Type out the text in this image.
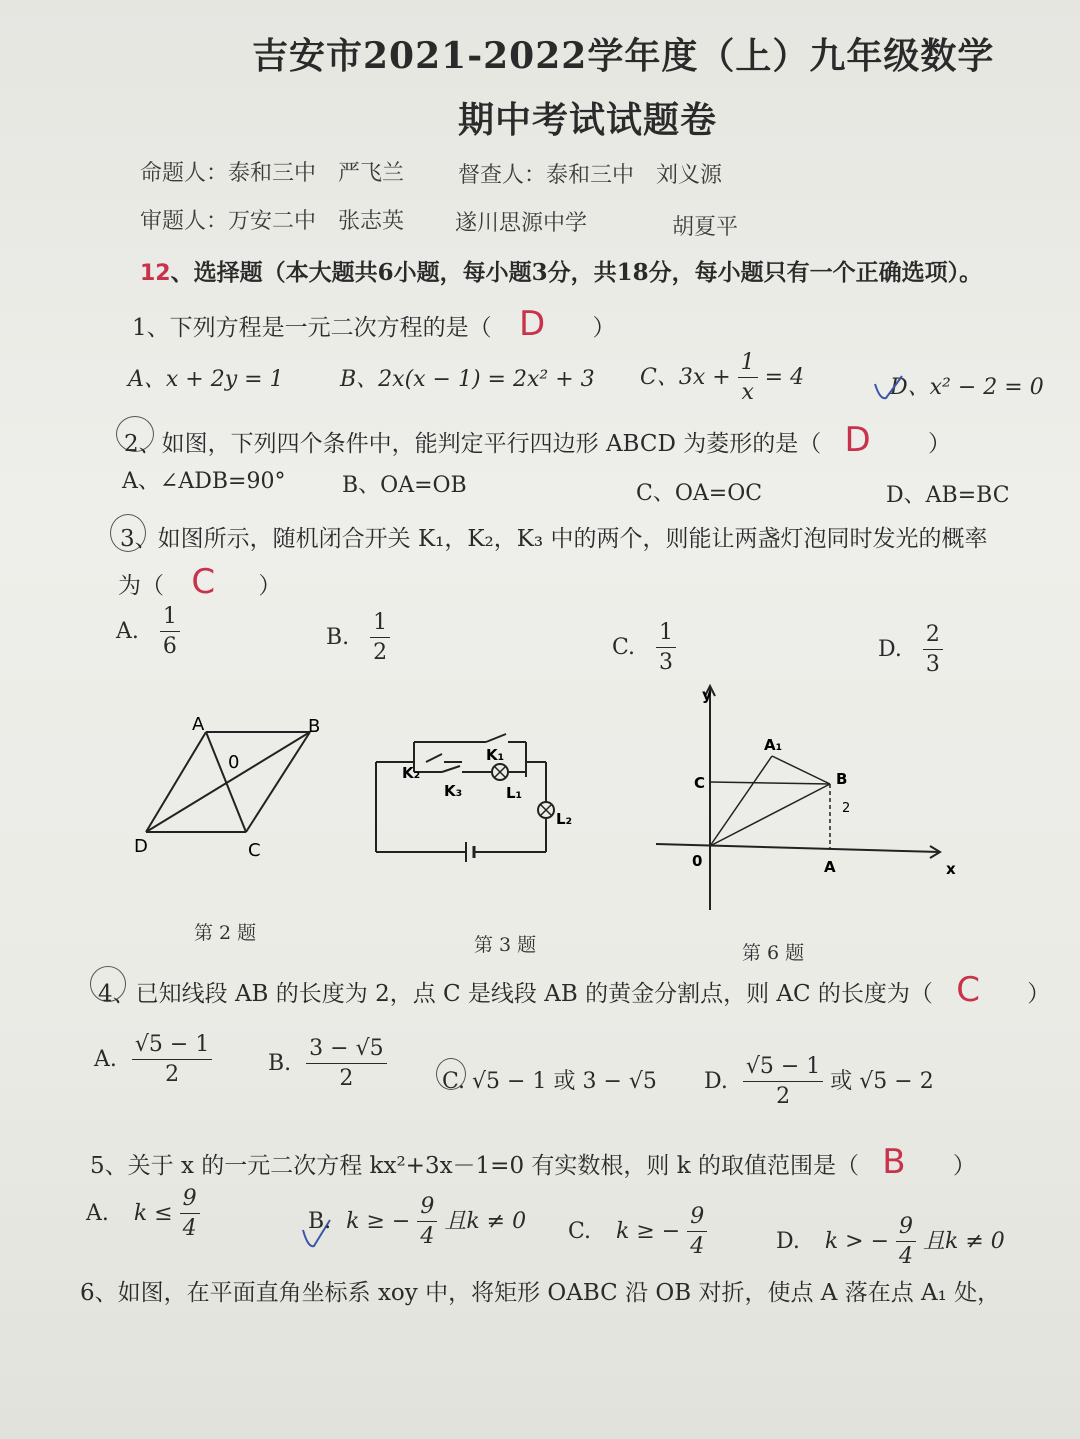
吉安市2021-2022学年度（上）九年级数学
期中考试试题卷
命题人：泰和三中　严飞兰 督查人：泰和三中　刘义源
审题人：万安二中　张志英 遂川思源中学	胡夏平
12、选择题（本大题共6小题，每小题3分，共18分，每小题只有一个正确选项）。
1、下列方程是一元二次方程的是（ D ）
A、x + 2y = 1	B、2x(x − 1) = 2x² + 3 C、$3x + \frac{1}{x} = 4$	D、x² − 2 = 0
2、如图，下列四个条件中，能判定平行四边形 ABCD 为菱形的是（ D ）
A、∠ADB=90°	B、OA=OB	C、OA=OC	D、AB=BC
3、如图所示，随机闭合开关 K₁，K₂，K₃ 中的两个，则能让两盏灯泡同时发光的概率
为（ C ）
A. $\frac{1}{6}$	B. $\frac{1}{2}$	C. $\frac{1}{3}$	D. $\frac{2}{3}$
A	B
C
D
0
第 2 题
K₁
K₂
K₃	L₁
L₂
第 3 题
y
x
0	A
B
C
A₁
2
第 6 题
4、已知线段 AB 的长度为 2，点 C 是线段 AB 的黄金分割点，则 AC 的长度为（ C ）
A. $\frac{√5 - 1}{2}$	B. $\frac{3 - √5}{2}$	C. √5 − 1 或 3 − √5 D. $\frac{√5 - 1}{2}$ 或 √5 − 2
5、关于 x 的一元二次方程 kx²+3x－1=0 有实数根，则 k 的取值范围是（ B ）
A. $k \le \frac{9}{4}$	B. k ≥ − $\frac{9}{4}$ 且k ≠ 0 C. k ≥ − $\frac{9}{4}$	D. k > − $\frac{9}{4}$ 且k ≠ 0
6、如图，在平面直角坐标系 xoy 中，将矩形 OABC 沿 OB 对折，使点 A 落在点 A₁ 处，
